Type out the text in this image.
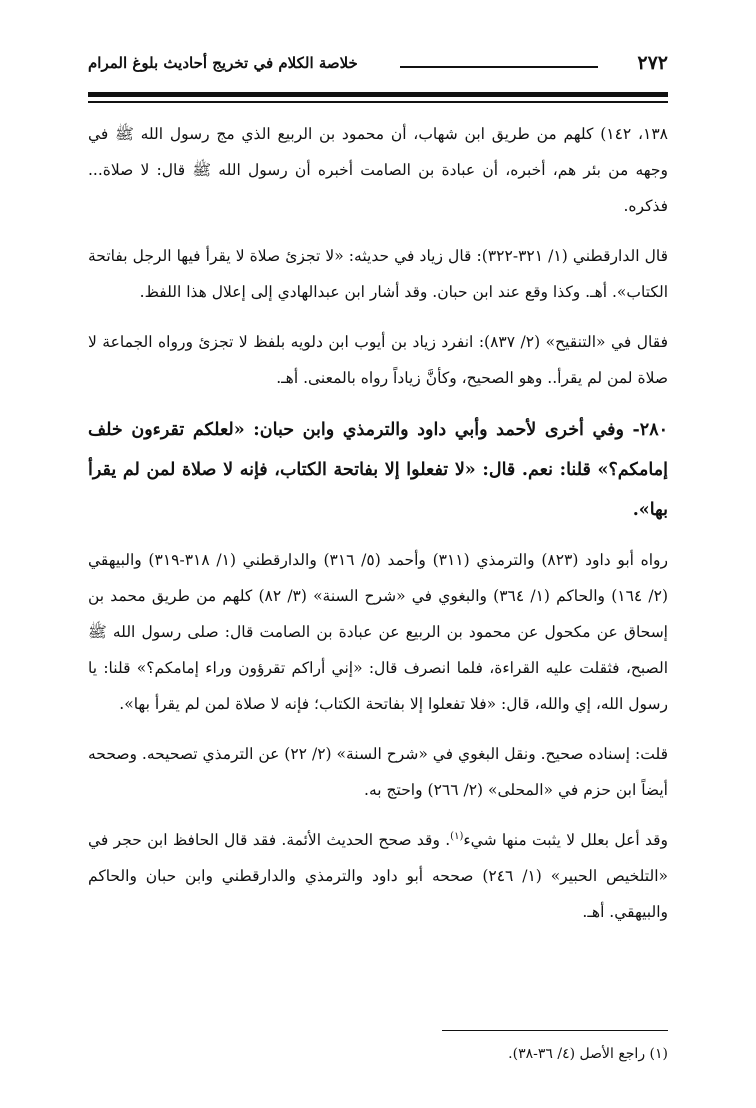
٢٧٢
خلاصة الكلام في تخريج أحاديث بلوغ المرام

١٣٨، ١٤٢) كلهم من طريق ابن شهاب، أن محمود بن الربيع الذي مج رسول الله ﷺ في وجهه من بئر هم، أخبره، أن عبادة بن الصامت أخبره أن رسول الله ﷺ قال: لا صلاة... فذكره.

قال الدارقطني (١/ ٣٢١-٣٢٢): قال زياد في حديثه: «لا تجزئ صلاة لا يقرأ فيها الرجل بفاتحة الكتاب». أهـ. وكذا وقع عند ابن حبان. وقد أشار ابن عبدالهادي إلى إعلال هذا اللفظ.

فقال في «التنقيح» (٢/ ٨٣٧): انفرد زياد بن أيوب ابن دلويه بلفظ لا تجزئ ورواه الجماعة لا صلاة لمن لم يقرأ.. وهو الصحيح، وكأنَّ زياداً رواه بالمعنى. أهـ.

٢٨٠- وفي أخرى لأحمد وأبي داود والترمذي وابن حبان: «لعلكم تقرءون خلف إمامكم؟» قلنا: نعم. قال: «لا تفعلوا إلا بفاتحة الكتاب، فإنه لا صلاة لمن لم يقرأ بها».

رواه أبو داود (٨٢٣) والترمذي (٣١١) وأحمد (٥/ ٣١٦) والدارقطني (١/ ٣١٨-٣١٩) والبيهقي (٢/ ١٦٤) والحاكم (١/ ٣٦٤) والبغوي في «شرح السنة» (٣/ ٨٢) كلهم من طريق محمد بن إسحاق عن مكحول عن محمود بن الربيع عن عبادة بن الصامت قال: صلى رسول الله ﷺ الصبح، فثقلت عليه القراءة، فلما انصرف قال: «إني أراكم تقرؤون وراء إمامكم؟» قلنا: يا رسول الله، إي والله، قال: «فلا تفعلوا إلا بفاتحة الكتاب؛ فإنه لا صلاة لمن لم يقرأ بها».

قلت: إسناده صحيح. ونقل البغوي في «شرح السنة» (٢/ ٢٢) عن الترمذي تصحيحه. وصححه أيضاً ابن حزم في «المحلى» (٢/ ٢٦٦) واحتج به.

وقد أعل بعلل لا يثبت منها شيء$^{(١)}$. وقد صحح الحديث الأئمة. فقد قال الحافظ ابن حجر في «التلخيص الحبير» (١/ ٢٤٦) صححه أبو داود والترمذي والدارقطني وابن حبان والحاكم والبيهقي. أهـ.

(١) راجع الأصل (٤/ ٣٦-٣٨).
